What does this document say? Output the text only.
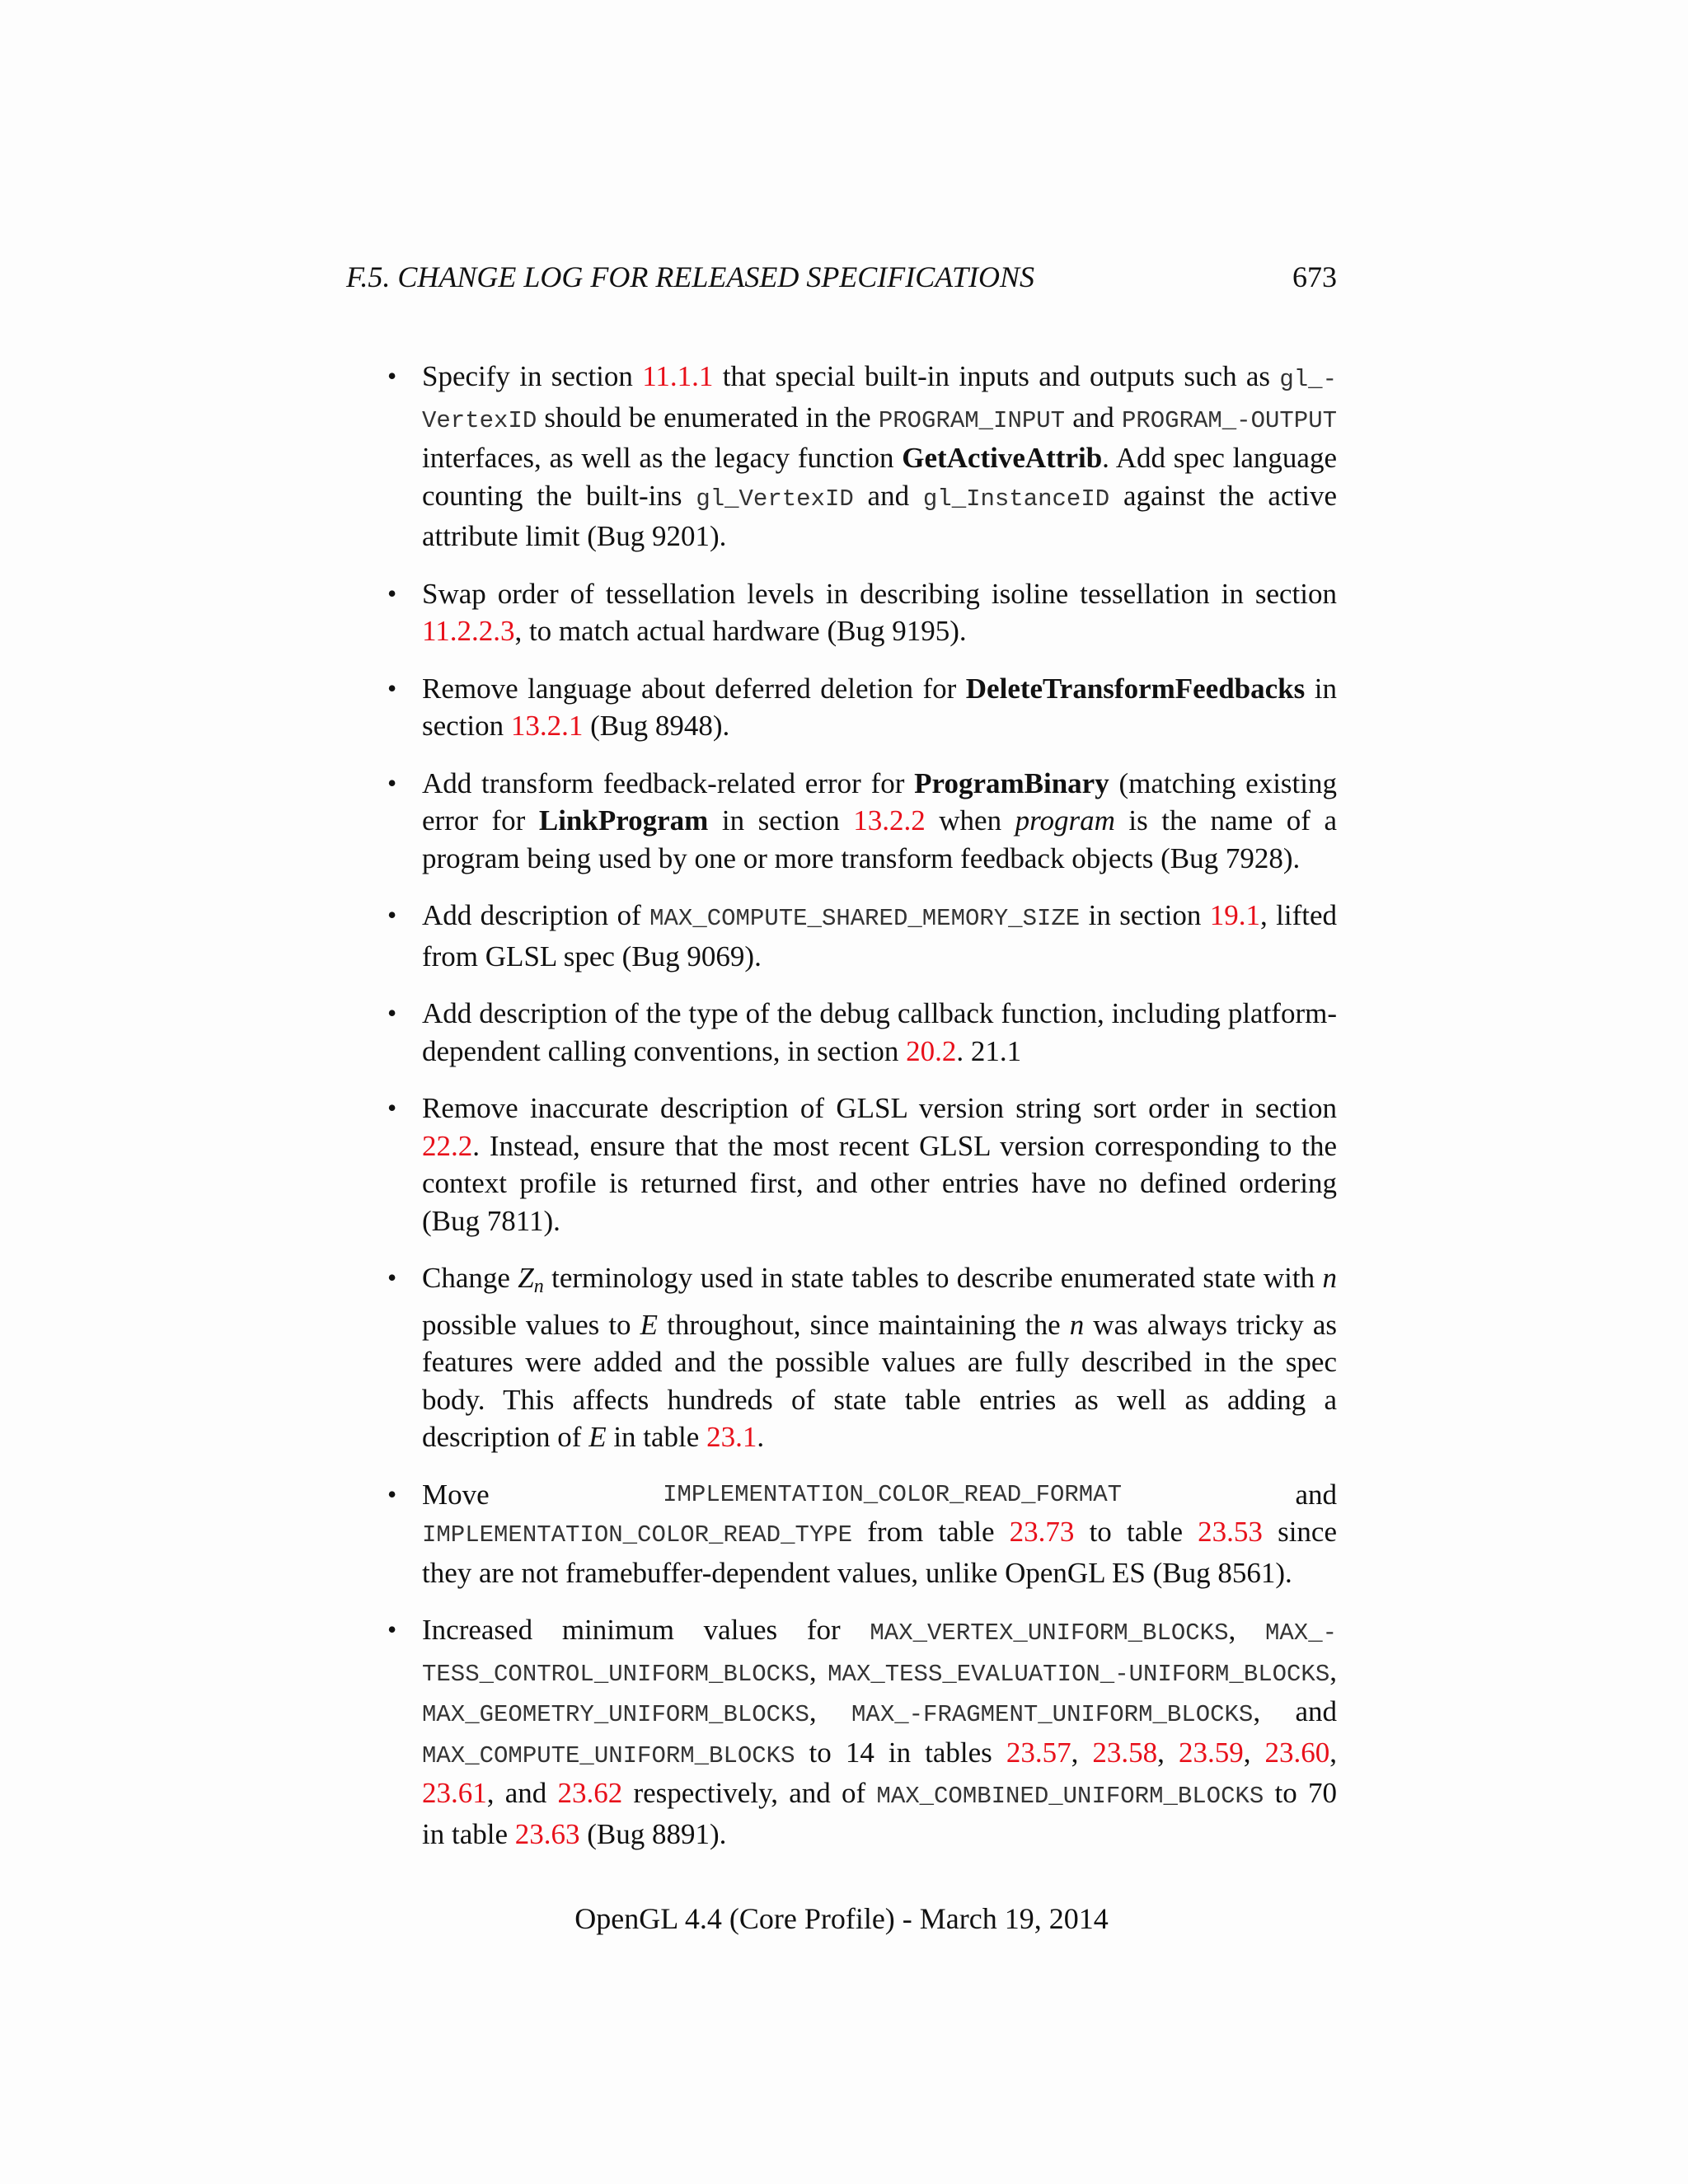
F.5. CHANGE LOG FOR RELEASED SPECIFICATIONS	673
• Specify in section 11.1.1 that special built-in inputs and outputs such as gl_-VertexID should be enumerated in the PROGRAM_INPUT and PROGRAM_-OUTPUT interfaces, as well as the legacy function GetActiveAttrib. Add spec language counting the built-ins gl_VertexID and gl_InstanceID against the active attribute limit (Bug 9201).
• Swap order of tessellation levels in describing isoline tessellation in section 11.2.2.3, to match actual hardware (Bug 9195).
• Remove language about deferred deletion for DeleteTransformFeedbacks in section 13.2.1 (Bug 8948).
• Add transform feedback-related error for ProgramBinary (matching existing error for LinkProgram in section 13.2.2 when program is the name of a program being used by one or more transform feedback objects (Bug 7928).
• Add description of MAX_COMPUTE_SHARED_MEMORY_SIZE in section 19.1, lifted from GLSL spec (Bug 9069).
• Add description of the type of the debug callback function, including platform-dependent calling conventions, in section 20.2. 21.1
• Remove inaccurate description of GLSL version string sort order in section 22.2. Instead, ensure that the most recent GLSL version corresponding to the context profile is returned first, and other entries have no defined ordering (Bug 7811).
• Change $Z_n$ terminology used in state tables to describe enumerated state with n possible values to E throughout, since maintaining the n was always tricky as features were added and the possible values are fully described in the spec body. This affects hundreds of state table entries as well as adding a description of E in table 23.1.
• Move	IMPLEMENTATION_COLOR_READ_FORMAT	and
IMPLEMENTATION_COLOR_READ_TYPE from table 23.73 to table 23.53 since they are not framebuffer-dependent values, unlike OpenGL ES (Bug 8561).
• Increased minimum values for MAX_VERTEX_UNIFORM_BLOCKS, MAX_-TESS_CONTROL_UNIFORM_BLOCKS, MAX_TESS_EVALUATION_-UNIFORM_BLOCKS, MAX_GEOMETRY_UNIFORM_BLOCKS, MAX_-FRAGMENT_UNIFORM_BLOCKS, and MAX_COMPUTE_UNIFORM_BLOCKS to 14 in tables 23.57, 23.58, 23.59, 23.60, 23.61, and 23.62 respectively, and of MAX_COMBINED_UNIFORM_BLOCKS to 70 in table 23.63 (Bug 8891).
OpenGL 4.4 (Core Profile) - March 19, 2014
